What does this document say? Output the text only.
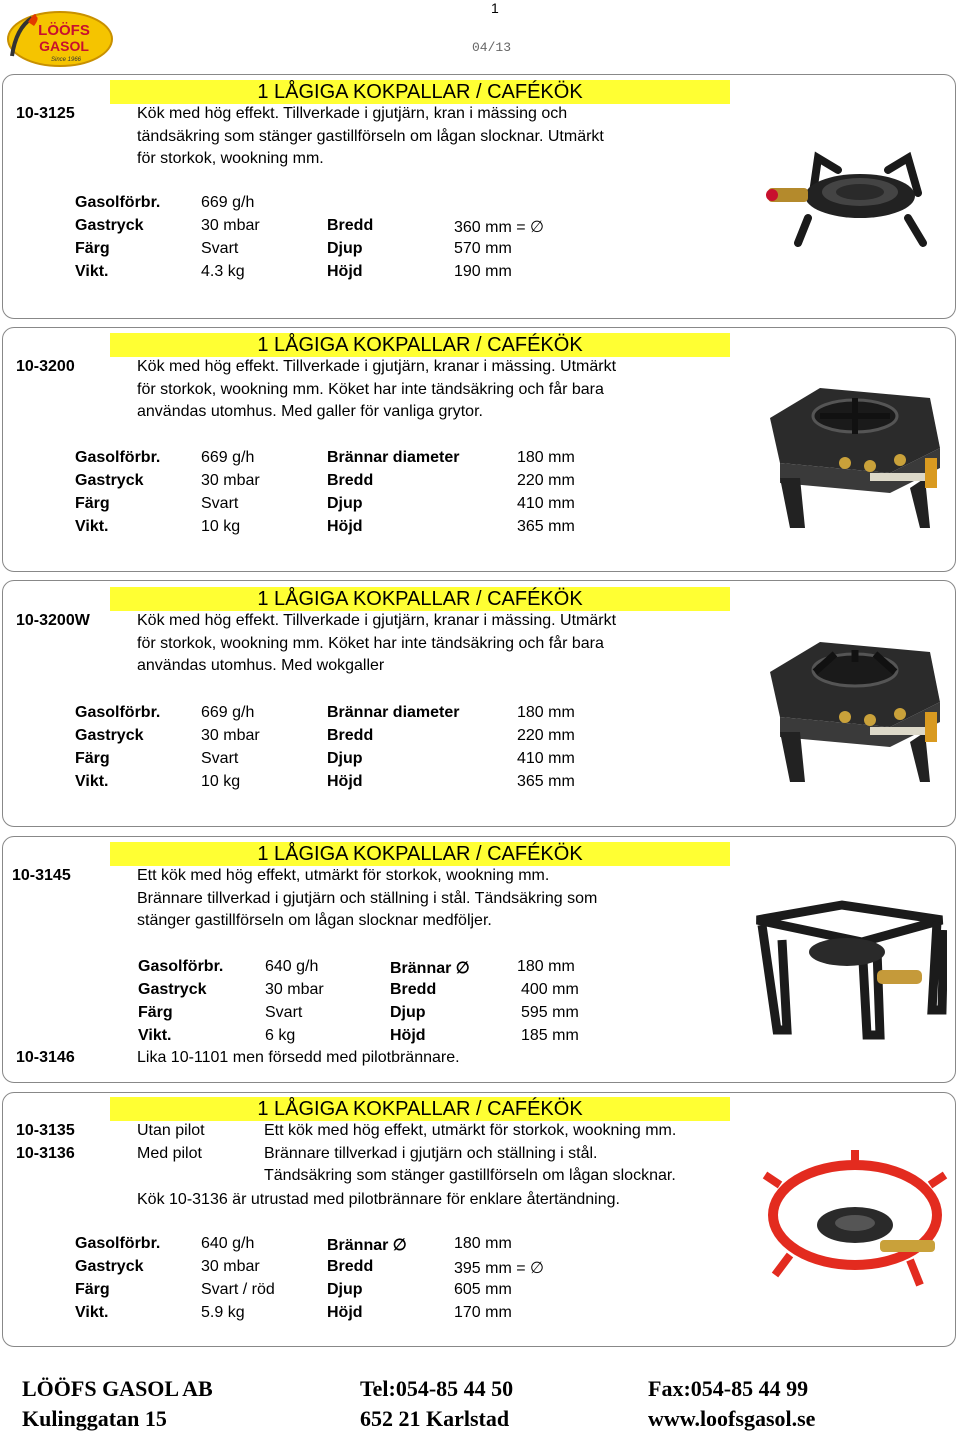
1
04/13
LÖÖFS
GASOL
Since 1966
1 LÅGIGA KOKPALLAR / CAFÉKÖK
10-3125	Kök med hög effekt. Tillverkade i gjutjärn, kran i mässing och
tändsäkring som stänger gastillförseln om lågan slocknar. Utmärkt
för storkok, wookning mm.
Gasolförbr.	669 g/h
Gastryck	30 mbar	Bredd	360 mm = ∅
Färg	Svart	Djup	570 mm
Vikt.	4.3 kg	Höjd	190 mm
1 LÅGIGA KOKPALLAR / CAFÉKÖK
10-3200	Kök med hög effekt. Tillverkade i gjutjärn, kranar i mässing. Utmärkt
för storkok, wookning mm. Köket har inte tändsäkring och får bara
användas utomhus. Med galler för vanliga grytor.
Gasolförbr.	669 g/h	Brännar diameter	180 mm
Gastryck	30 mbar	Bredd	220 mm
Färg	Svart	Djup	410 mm
Vikt.	10 kg	Höjd	365 mm
1 LÅGIGA KOKPALLAR / CAFÉKÖK
10-3200W	Kök med hög effekt. Tillverkade i gjutjärn, kranar i mässing. Utmärkt
för storkok, wookning mm. Köket har inte tändsäkring och får bara
användas utomhus. Med wokgaller
Gasolförbr.	669 g/h	Brännar diameter	180 mm
Gastryck	30 mbar	Bredd	220 mm
Färg	Svart	Djup	410 mm
Vikt.	10 kg	Höjd	365 mm
1 LÅGIGA KOKPALLAR / CAFÉKÖK
10-3145	Ett kök med hög effekt, utmärkt för storkok, wookning mm.
Brännare tillverkad i gjutjärn och ställning i stål. Tändsäkring som
stänger gastillförseln om lågan slocknar medföljer.
Gasolförbr.	640 g/h	Brännar ∅	180 mm
Gastryck	30 mbar	Bredd	400 mm
Färg	Svart	Djup	595 mm
Vikt.	6 kg	Höjd	185 mm
10-3146	Lika 10-1101 men försedd med pilotbrännare.
1 LÅGIGA KOKPALLAR / CAFÉKÖK
10-3135	Utan pilot
10-3136	Med pilot
Ett kök med hög effekt, utmärkt för storkok, wookning mm.
Brännare tillverkad i gjutjärn och ställning i stål.
Tändsäkring som stänger gastillförseln om lågan slocknar.
Kök 10-3136 är utrustad med pilotbrännare för enklare återtändning.
Gasolförbr.	640 g/h	Brännar ∅	180 mm
Gastryck	30 mbar	Bredd	395 mm = ∅
Färg	Svart / röd	Djup	605 mm
Vikt.	5.9 kg	Höjd	170 mm
LÖÖFS GASOL AB
Kulinggatan 15
Tel:054-85 44 50
652 21 Karlstad
Fax:054-85 44 99
www.loofsgasol.se
